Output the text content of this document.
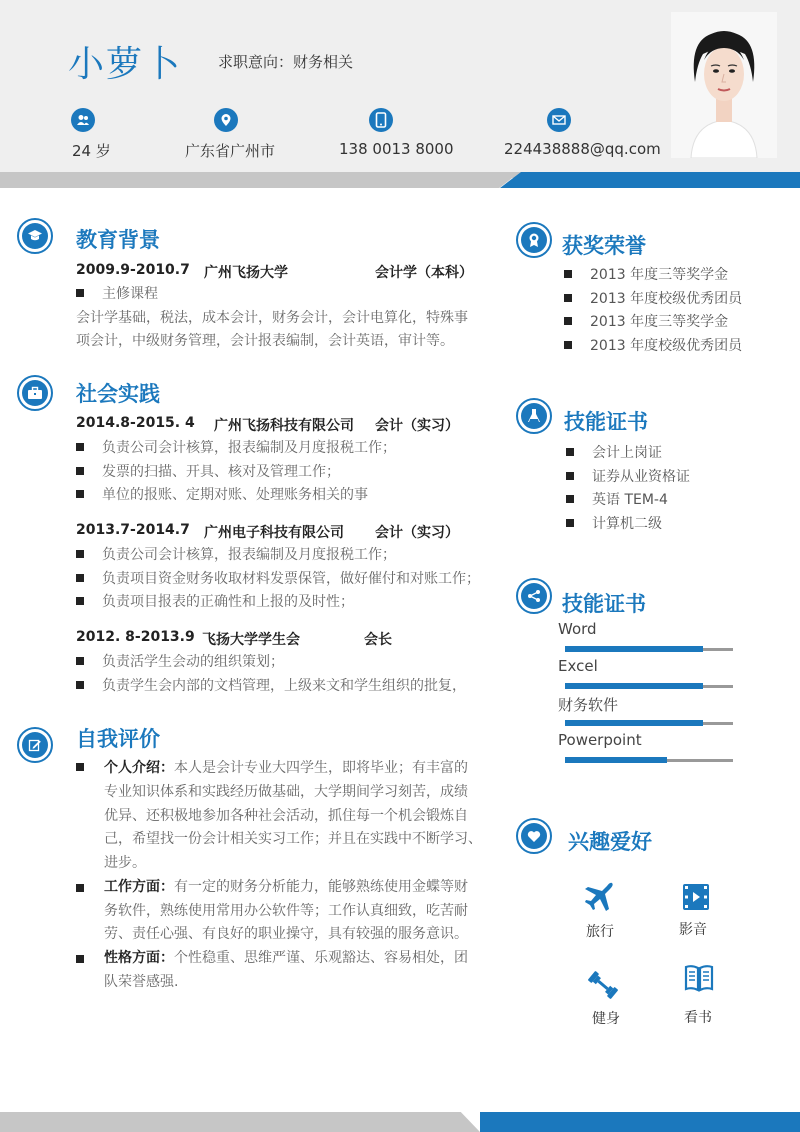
小萝卜 求职意向：财务相关
24 岁	广东省广州市	138 0013 8000	224438888@qq.com
教育背景
2009.9-2010.7 广州飞扬大学	会计学（本科）
主修课程
会计学基础，税法，成本会计，财务会计，会计电算化，特殊事
项会计，中级财务管理，会计报表编制，会计英语，审计等。
社会实践
2014.8-2015. 4 广州飞扬科技有限公司 会计（实习）
负责公司会计核算，报表编制及月度报税工作；
发票的扫描、开具、核对及管理工作；
单位的报账、定期对账、处理账务相关的事
2013.7-2014.7 广州电子科技有限公司 会计（实习）
负责公司会计核算，报表编制及月度报税工作；
负责项目资金财务收取材料发票保管，做好催付和对账工作；
负责项目报表的正确性和上报的及时性；
2012. 8-2013.9 飞扬大学学生会	会长
负责活学生会动的组织策划；
负责学生会内部的文档管理，上级来文和学生组织的批复，
自我评价
个人介绍：本人是会计专业大四学生，即将毕业；有丰富的
专业知识体系和实践经历做基础，大学期间学习刻苦，成绩
优异、还积极地参加各种社会活动，抓住每一个机会锻炼自
己，希望找一份会计相关实习工作；并且在实践中不断学习、
进步。
工作方面：有一定的财务分析能力，能够熟练使用金蝶等财
务软件，熟练使用常用办公软件等；工作认真细致，吃苦耐
劳、责任心强、有良好的职业操守，具有较强的服务意识。
性格方面：个性稳重、思维严谨、乐观豁达、容易相处，团
队荣誉感强.
获奖荣誉
2013 年度三等奖学金
2013 年度校级优秀团员
2013 年度三等奖学金
2013 年度校级优秀团员
技能证书
会计上岗证
证券从业资格证
英语 TEM-4
计算机二级
技能证书
Word
Excel
财务软件
Powerpoint
兴趣爱好
旅行	影音
健身	看书
